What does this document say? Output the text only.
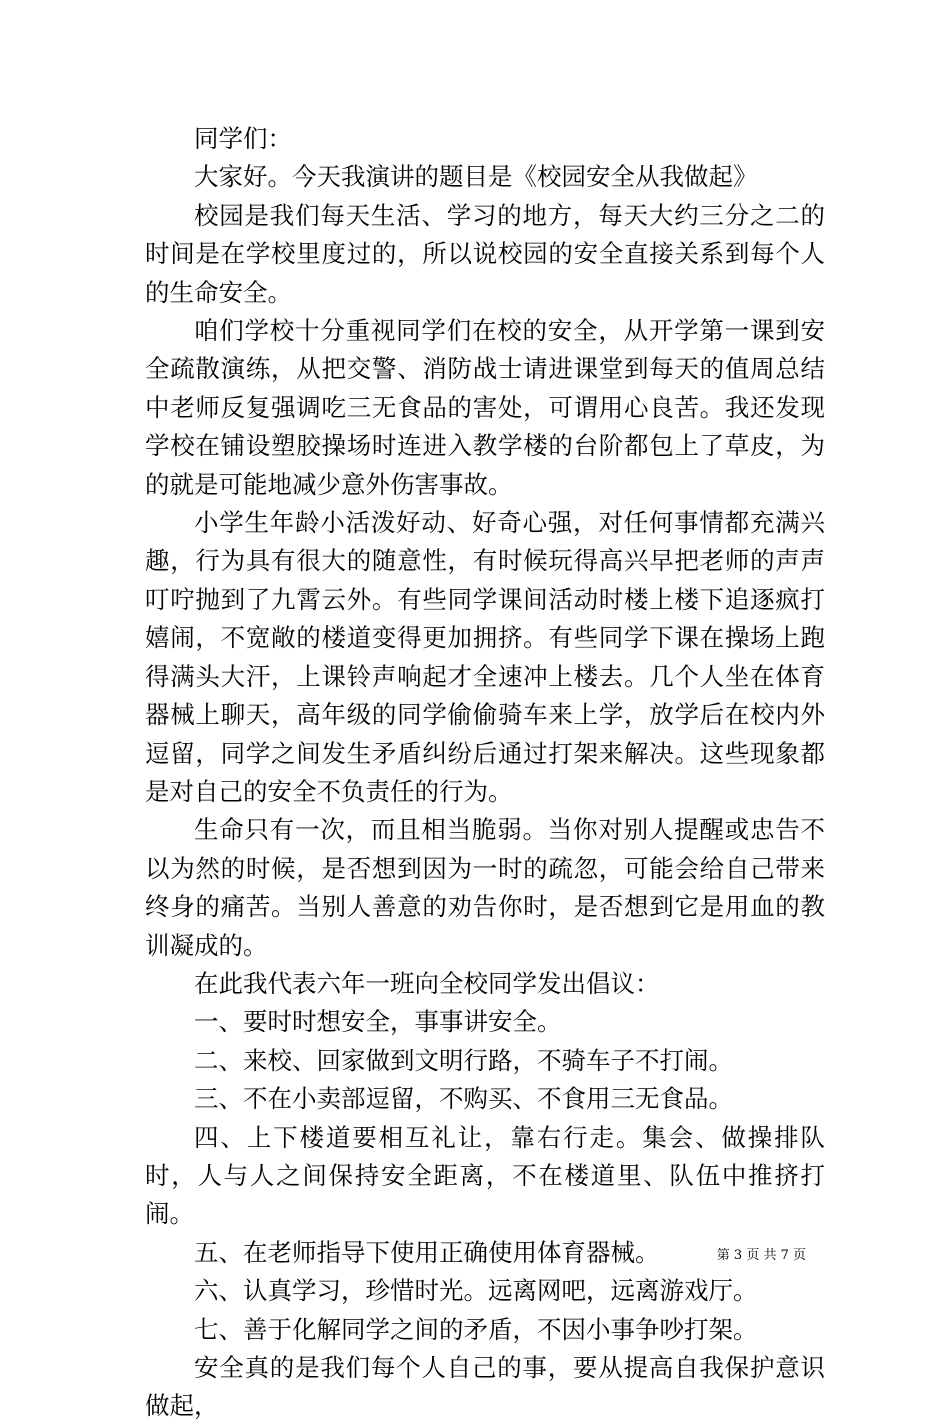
同学们：

大家好。今天我演讲的题目是《校园安全从我做起》

校园是我们每天生活、学习的地方，每天大约三分之二的时间是在学校里度过的，所以说校园的安全直接关系到每个人的生命安全。

咱们学校十分重视同学们在校的安全，从开学第一课到安全疏散演练，从把交警、消防战士请进课堂到每天的值周总结中老师反复强调吃三无食品的害处，可谓用心良苦。我还发现学校在铺设塑胶操场时连进入教学楼的台阶都包上了草皮，为的就是可能地减少意外伤害事故。

小学生年龄小活泼好动、好奇心强，对任何事情都充满兴趣，行为具有很大的随意性，有时候玩得高兴早把老师的声声叮咛抛到了九霄云外。有些同学课间活动时楼上楼下追逐疯打嬉闹，不宽敞的楼道变得更加拥挤。有些同学下课在操场上跑得满头大汗，上课铃声响起才全速冲上楼去。几个人坐在体育器械上聊天，高年级的同学偷偷骑车来上学，放学后在校内外逗留，同学之间发生矛盾纠纷后通过打架来解决。这些现象都是对自己的安全不负责任的行为。

生命只有一次，而且相当脆弱。当你对别人提醒或忠告不以为然的时候，是否想到因为一时的疏忽，可能会给自己带来终身的痛苦。当别人善意的劝告你时，是否想到它是用血的教训凝成的。

在此我代表六年一班向全校同学发出倡议：

一、要时时想安全，事事讲安全。

二、来校、回家做到文明行路，不骑车子不打闹。

三、不在小卖部逗留，不购买、不食用三无食品。

四、上下楼道要相互礼让，靠右行走。集会、做操排队时，人与人之间保持安全距离，不在楼道里、队伍中推挤打闹。

五、在老师指导下使用正确使用体育器械。

六、认真学习，珍惜时光。远离网吧，远离游戏厅。

七、善于化解同学之间的矛盾，不因小事争吵打架。

安全真的是我们每个人自己的事，要从提高自我保护意识做起，

第 3 页 共 7 页
